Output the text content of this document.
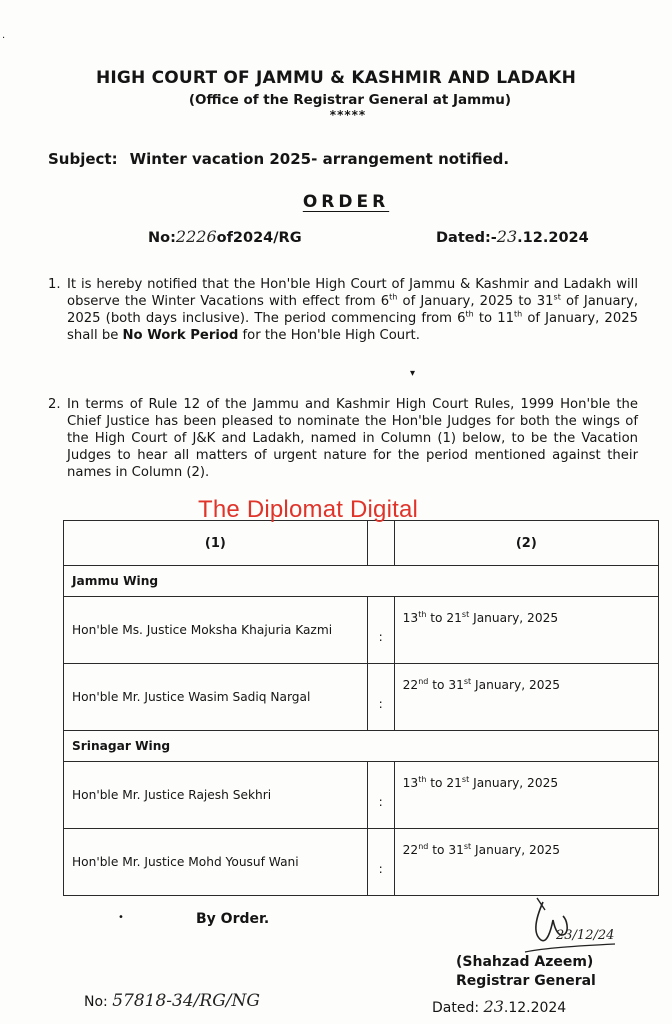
.
HIGH COURT OF JAMMU & KASHMIR AND LADAKH
(Office of the Registrar General at Jammu)
*****
Subject: Winter vacation 2025- arrangement notified.
ORDER
No:2226of2024/RG	Dated:-23.12.2024
1. It is hereby notified that the Hon'ble High Court of Jammu & Kashmir and Ladakh will observe the Winter Vacations with effect from 6th of January, 2025 to 31st of January, 2025 (both days inclusive). The period commencing from 6th to 11th of January, 2025 shall be No Work Period for the Hon'ble High Court.
▾
2. In terms of Rule 12 of the Jammu and Kashmir High Court Rules, 1999 Hon'ble the Chief Justice has been pleased to nominate the Hon'ble Judges for both the wings of the High Court of J&K and Ladakh, named in Column (1) below, to be the Vacation Judges to hear all matters of urgent nature for the period mentioned against their names in Column (2).
(1)		(2)
Jammu Wing		
Hon'ble Ms. Justice Moksha Khajuria Kazmi	:	13th to 21st January, 2025
Hon'ble Mr. Justice Wasim Sadiq Nargal	:	22nd to 31st January, 2025
Srinagar Wing		
Hon'ble Mr. Justice Rajesh Sekhri	:	13th to 21st January, 2025
Hon'ble Mr. Justice Mohd Yousuf Wani	:	22nd to 31st January, 2025
The Diplomat Digital
•	By Order.
23/12/24
(Shahzad Azeem)
Registrar General
Dated: 23.12.2024
No: 57818-34/RG/NG
